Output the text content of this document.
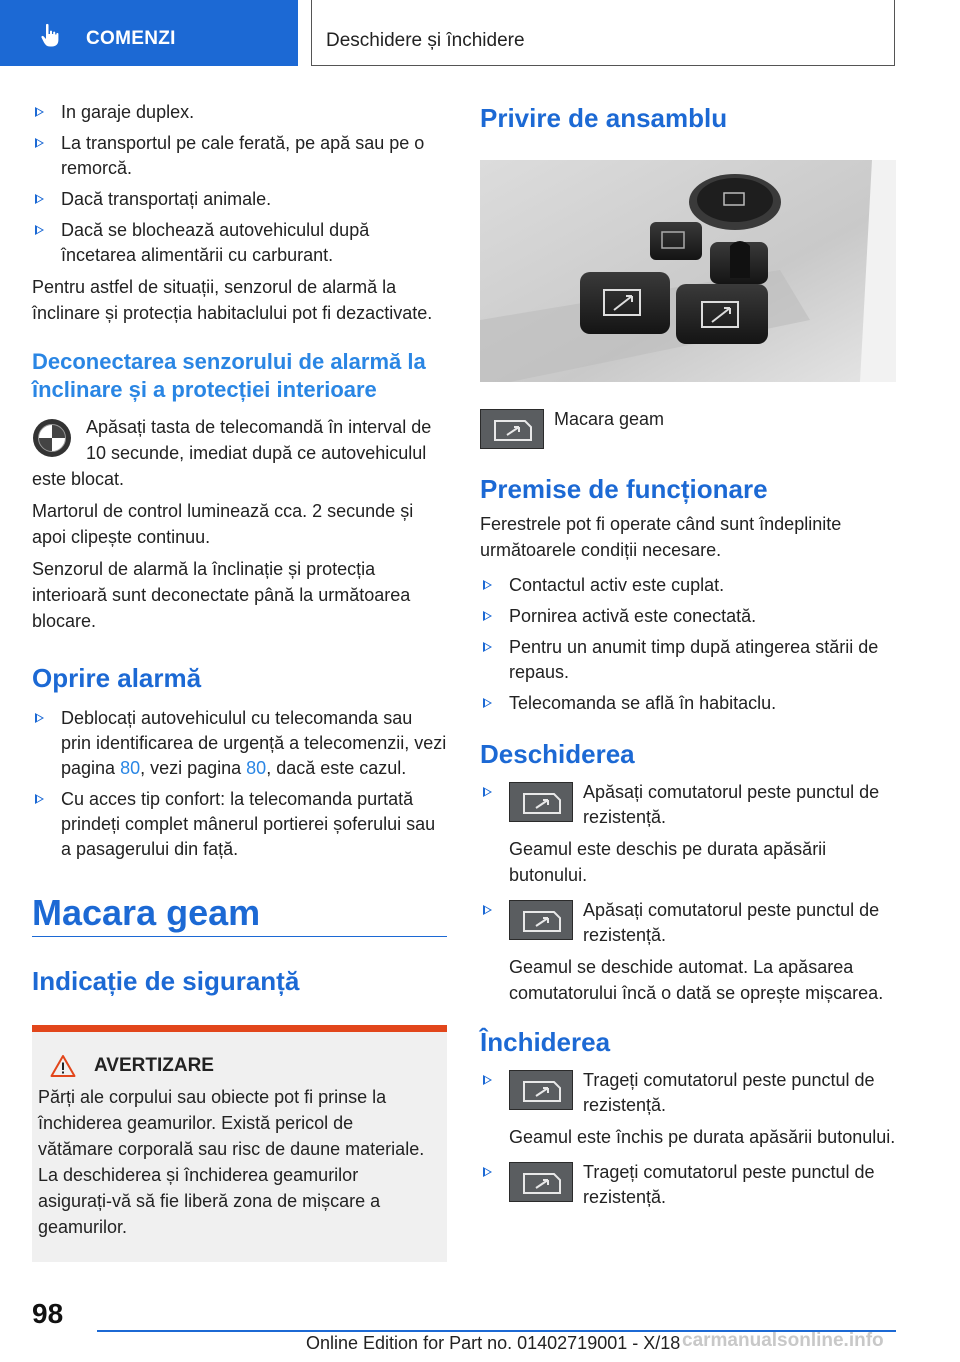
COMENZI	Deschidere și închidere
In garaje duplex.
La transportul pe cale ferată, pe apă sau pe o remorcă.
Dacă transportați animale.
Dacă se blochează autovehiculul după încetarea alimentării cu carburant.

Pentru astfel de situații, senzorul de alarmă la înclinare și protecția habitaclului pot fi dezactivate.

Deconectarea senzorului de alarmă la înclinare și a protecției interioare
Apăsați tasta de telecomandă în interval de 10 secunde, imediat după ce autovehiculul

este blocat.

Martorul de control luminează cca. 2 secunde și apoi clipește continuu.

Senzorul de alarmă la înclinație și protecția interioară sunt deconectate până la următoarea blocare.

Oprire alarmă
Deblocați autovehiculul cu telecomanda sau prin identificarea de urgență a telecomenzii, vezi pagina 80, vezi pagina 80, dacă este cazul.
Cu acces tip confort: la telecomanda purtată prindeți complet mânerul portierei șoferului sau a pasagerului din față.
Macara geam
Indicație de siguranță
AVERTIZARE

Părți ale corpului sau obiecte pot fi prinse la închiderea geamurilor. Există pericol de vătămare corporală sau risc de daune materiale. La deschiderea și închiderea geamurilor asigurați-vă să fie liberă zona de mișcare a geamurilor.

Privire de ansamblu
Macara geam
Premise de funcționare

Ferestrele pot fi operate când sunt îndeplinite următoarele condiții necesare.

Contactul activ este cuplat.
Pornirea activă este conectată.
Pentru un anumit timp după atingerea stării de repaus.
Telecomanda se află în habitaclu.
Deschiderea
Apăsați comutatorul peste punctul de rezistență.
Geamul este deschis pe durata apăsării butonului.
Apăsați comutatorul peste punctul de rezistență.
Geamul se deschide automat. La apăsarea comutatorului încă o dată se oprește mișcarea.
Închiderea
Trageți comutatorul peste punctul de rezistență.
Geamul este închis pe durata apăsării butonului.
Trageți comutatorul peste punctul de rezistență.
98
Online Edition for Part no. 01402719001 - X/18 carmanualsonline.info
